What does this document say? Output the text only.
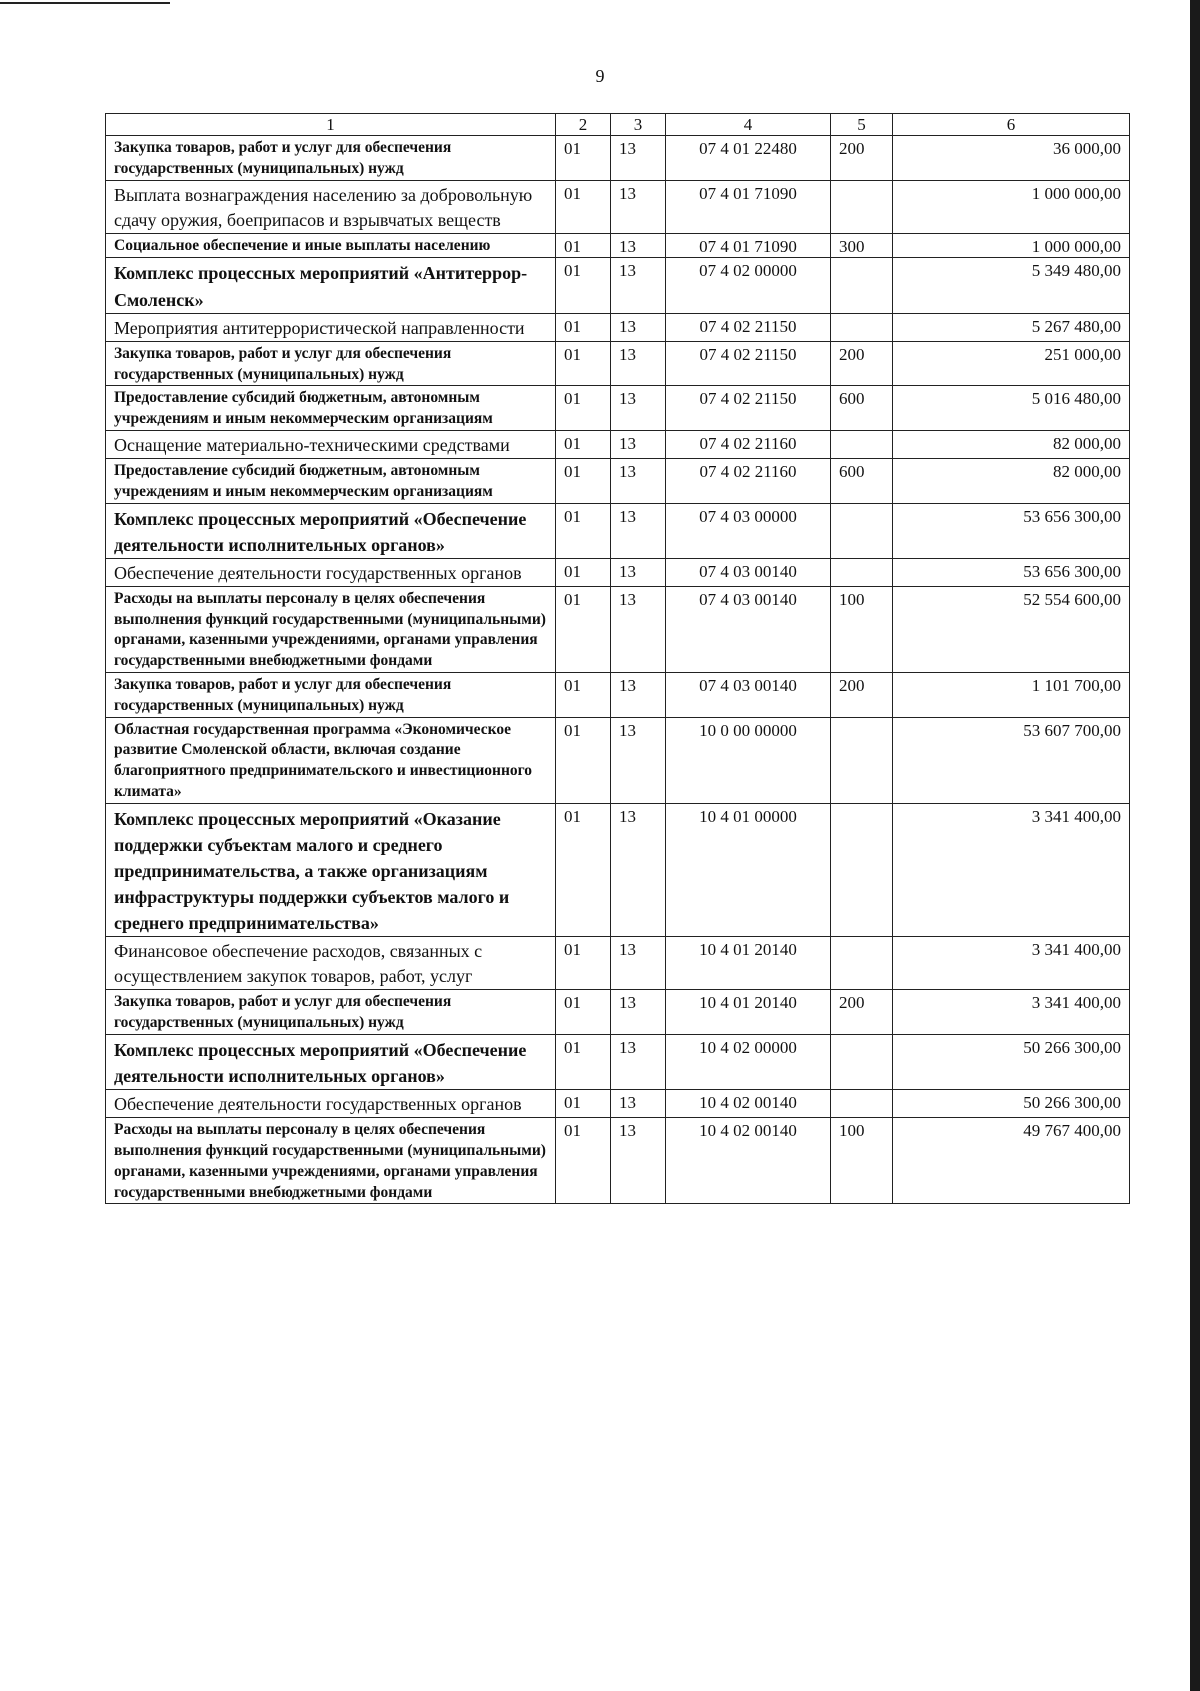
9
1	2	3	4	5	6
Закупка товаров, работ и услуг для обеспечения государственных (муниципальных) нужд	01	13	07 4 01 22480	200	36 000,00
Выплата вознаграждения населению за добровольную сдачу оружия, боеприпасов и взрывчатых веществ	01	13	07 4 01 71090		1 000 000,00
Социальное обеспечение и иные выплаты населению	01	13	07 4 01 71090	300	1 000 000,00
Комплекс процессных мероприятий «Антитеррор-Смоленск»	01	13	07 4 02 00000		5 349 480,00
Мероприятия антитеррористической направленности	01	13	07 4 02 21150		5 267 480,00
Закупка товаров, работ и услуг для обеспечения государственных (муниципальных) нужд	01	13	07 4 02 21150	200	251 000,00
Предоставление субсидий бюджетным, автономным учреждениям и иным некоммерческим организациям	01	13	07 4 02 21150	600	5 016 480,00
Оснащение материально-техническими средствами	01	13	07 4 02 21160		82 000,00
Предоставление субсидий бюджетным, автономным учреждениям и иным некоммерческим организациям	01	13	07 4 02 21160	600	82 000,00
Комплекс процессных мероприятий «Обеспечение деятельности исполнительных органов»	01	13	07 4 03 00000		53 656 300,00
Обеспечение деятельности государственных органов	01	13	07 4 03 00140		53 656 300,00
Расходы на выплаты персоналу в целях обеспечения выполнения функций государственными (муниципальными) органами, казенными учреждениями, органами управления государственными внебюджетными фондами	01	13	07 4 03 00140	100	52 554 600,00
Закупка товаров, работ и услуг для обеспечения государственных (муниципальных) нужд	01	13	07 4 03 00140	200	1 101 700,00
Областная государственная программа «Экономическое развитие Смоленской области, включая создание благоприятного предпринимательского и инвестиционного климата»	01	13	10 0 00 00000		53 607 700,00
Комплекс процессных мероприятий «Оказание поддержки субъектам малого и среднего предпринимательства, а также организациям инфраструктуры поддержки субъектов малого и среднего предпринимательства»	01	13	10 4 01 00000		3 341 400,00
Финансовое обеспечение расходов, связанных с осуществлением закупок товаров, работ, услуг	01	13	10 4 01 20140		3 341 400,00
Закупка товаров, работ и услуг для обеспечения государственных (муниципальных) нужд	01	13	10 4 01 20140	200	3 341 400,00
Комплекс процессных мероприятий «Обеспечение деятельности исполнительных органов»	01	13	10 4 02 00000		50 266 300,00
Обеспечение деятельности государственных органов	01	13	10 4 02 00140		50 266 300,00
Расходы на выплаты персоналу в целях обеспечения выполнения функций государственными (муниципальными) органами, казенными учреждениями, органами управления государственными внебюджетными фондами	01	13	10 4 02 00140	100	49 767 400,00
